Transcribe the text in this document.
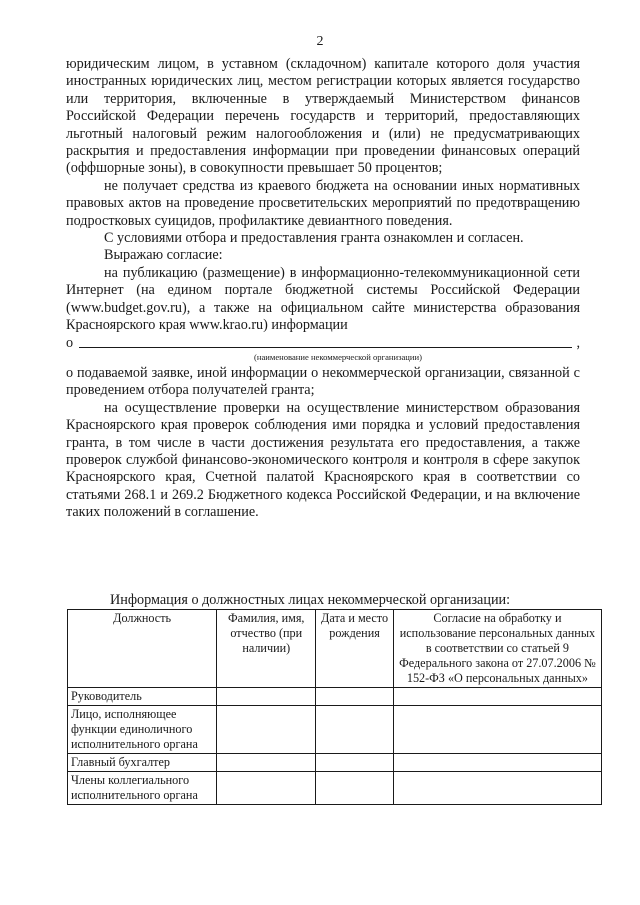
2

юридическим лицом, в уставном (складочном) капитале которого доля участия иностранных юридических лиц, местом регистрации которых является государство или территория, включенные в утверждаемый Министерством финансов Российской Федерации перечень государств и территорий, предоставляющих льготный налоговый режим налогообложения и (или) не предусматривающих раскрытия и предоставления информации при проведении финансовых операций (оффшорные зоны), в совокупности превышает 50 процентов;

не получает средства из краевого бюджета на основании иных нормативных правовых актов на проведение просветительских мероприятий по предотвращению подростковых суицидов, профилактике девиантного поведения.

С условиями отбора и предоставления гранта ознакомлен и согласен.

Выражаю согласие:

на публикацию (размещение) в информационно-телекоммуникационной сети Интернет (на едином портале бюджетной системы Российской Федерации (www.budget.gov.ru), а также на официальном сайте министерства образования Красноярского края www.krao.ru) информации

о	,
(наименование некоммерческой организации)

о подаваемой заявке, иной информации о некоммерческой организации, связанной с проведением отбора получателей гранта;

на осуществление проверки на осуществление министерством образования Красноярского края проверок соблюдения ими порядка и условий предоставления гранта, в том числе в части достижения результата его предоставления, а также проверок службой финансово-экономического контроля и контроля в сфере закупок Красноярского края, Счетной палатой Красноярского края в соответствии со статьями 268.1 и 269.2 Бюджетного кодекса Российской Федерации, и на включение таких положений в соглашение.

Информация о должностных лицах некоммерческой организации:
Должность	Фамилия, имя, отчество (при наличии)	Дата и место рождения	Согласие на обработку и использование персональных данных в соответствии со статьей 9 Федерального закона от 27.07.2006 № 152-ФЗ «О персональных данных»
Руководитель			
Лицо, исполняющее функции единоличного исполнительного органа			
Главный бухгалтер			
Члены коллегиального исполнительного органа			
